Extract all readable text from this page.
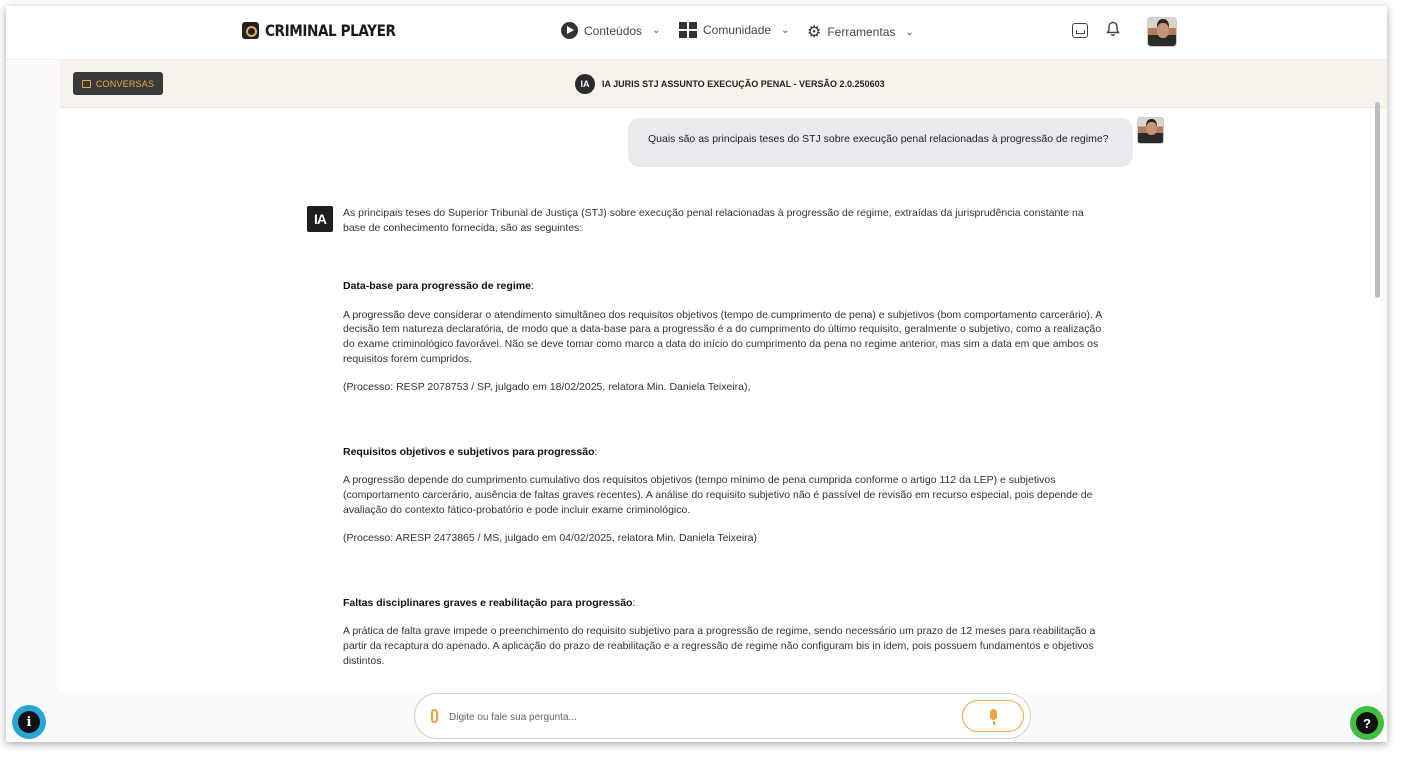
CRIMINAL PLAYER	Conteúdos ⌄	Comunidade ⌄ ⚙ Ferramentas ⌄
CONVERSAS	IA	IA JURIS STJ ASSUNTO EXECUÇÃO PENAL - VERSÃO 2.0.250603
Quais são as principais teses do STJ sobre execução penal relacionadas à progressão de regime?
IA	As principais teses do Superior Tribunal de Justiça (STJ) sobre execução penal relacionadas à progressão de regime, extraídas da jurisprudência constante na base de conhecimento fornecida, são as seguintes:

Data-base para progressão de regime:

A progressão deve considerar o atendimento simultâneo dos requisitos objetivos (tempo de cumprimento de pena) e subjetivos (bom comportamento carcerário). A decisão tem natureza declaratória, de modo que a data-base para a progressão é a do cumprimento do último requisito, geralmente o subjetivo, como a realização do exame criminológico favorável. Não se deve tomar como marco a data do início do cumprimento da pena no regime anterior, mas sim a data em que ambos os requisitos forem cumpridos.

(Processo: RESP 2078753 / SP, julgado em 18/02/2025, relatora Min. Daniela Teixeira),

Requisitos objetivos e subjetivos para progressão:

A progressão depende do cumprimento cumulativo dos requisitos objetivos (tempo mínimo de pena cumprida conforme o artigo 112 da LEP) e subjetivos (comportamento carcerário, ausência de faltas graves recentes). A análise do requisito subjetivo não é passível de revisão em recurso especial, pois depende de avaliação do contexto fático-probatório e pode incluir exame criminológico.

(Processo: ARESP 2473865 / MS, julgado em 04/02/2025, relatora Min. Daniela Teixeira)

Faltas disciplinares graves e reabilitação para progressão:

A prática de falta grave impede o preenchimento do requisito subjetivo para a progressão de regime, sendo necessário um prazo de 12 meses para reabilitação a partir da recaptura do apenado. A aplicação do prazo de reabilitação e a regressão de regime não configuram bis in idem, pois possuem fundamentos e objetivos distintos.

Digite ou fale sua pergunta...
i	?
